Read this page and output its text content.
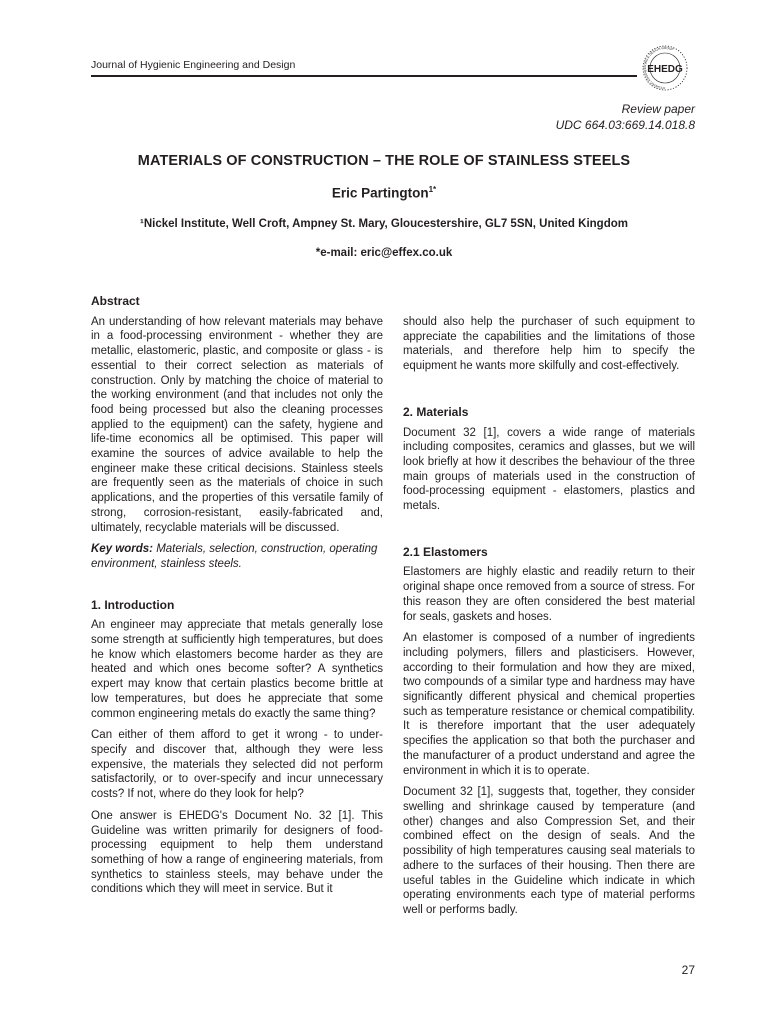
Journal of Hygienic Engineering and Design
HYGIENIC ENGINEERING & DESIGN GROUP
EHEDG
Review paper
UDC 664.03:669.14.018.8
MATERIALS OF CONSTRUCTION – THE ROLE OF STAINLESS STEELS
Eric Partington$^{1*}$
¹Nickel Institute, Well Croft, Ampney St. Mary, Gloucestershire, GL7 5SN, United Kingdom
*e-mail: eric@effex.co.uk
Abstract

An understanding of how relevant materials may behave in a food-processing environment - whether they are metallic, elastomeric, plastic, and composite or glass - is essential to their correct selection as materials of construction. Only by matching the choice of material to the working environment (and that includes not only the food being processed but also the cleaning processes applied to the equipment) can the safety, hygiene and life-time economics all be optimised. This paper will examine the sources of advice available to help the engineer make these critical decisions. Stainless steels are frequently seen as the materials of choice in such applications, and the properties of this versatile family of strong, corrosion-resistant, easily-fabricated and, ultimately, recyclable materials will be discussed.

Key words: Materials, selection, construction, operating environment, stainless steels.

1. Introduction

An engineer may appreciate that metals generally lose some strength at sufficiently high temperatures, but does he know which elastomers become harder as they are heated and which ones become softer? A synthetics expert may know that certain plastics become brittle at low temperatures, but does he appreciate that some common engineering metals do exactly the same thing?

Can either of them afford to get it wrong - to under-specify and discover that, although they were less expensive, the materials they selected did not perform satisfactorily, or to over-specify and incur unnecessary costs? If not, where do they look for help?

One answer is EHEDG's Document No. 32 [1]. This Guideline was written primarily for designers of food-processing equipment to help them understand something of how a range of engineering materials, from synthetics to stainless steels, may behave under the conditions which they will meet in service. But it

should also help the purchaser of such equipment to appreciate the capabilities and the limitations of those materials, and therefore help him to specify the equipment he wants more skilfully and cost-effectively.

2. Materials

Document 32 [1], covers a wide range of materials including composites, ceramics and glasses, but we will look briefly at how it describes the behaviour of the three main groups of materials used in the construction of food-processing equipment - elastomers, plastics and metals.

2.1 Elastomers

Elastomers are highly elastic and readily return to their original shape once removed from a source of stress. For this reason they are often considered the best material for seals, gaskets and hoses.

An elastomer is composed of a number of ingredients including polymers, fillers and plasticisers. However, according to their formulation and how they are mixed, two compounds of a similar type and hardness may have significantly different physical and chemical properties such as temperature resistance or chemical compatibility. It is therefore important that the user adequately specifies the application so that both the purchaser and the manufacturer of a product understand and agree the environment in which it is to operate.

Document 32 [1], suggests that, together, they consider swelling and shrinkage caused by temperature (and other) changes and also Compression Set, and their combined effect on the design of seals. And the possibility of high temperatures causing seal materials to adhere to the surfaces of their housing. Then there are useful tables in the Guideline which indicate in which operating environments each type of material performs well or performs badly.

27
